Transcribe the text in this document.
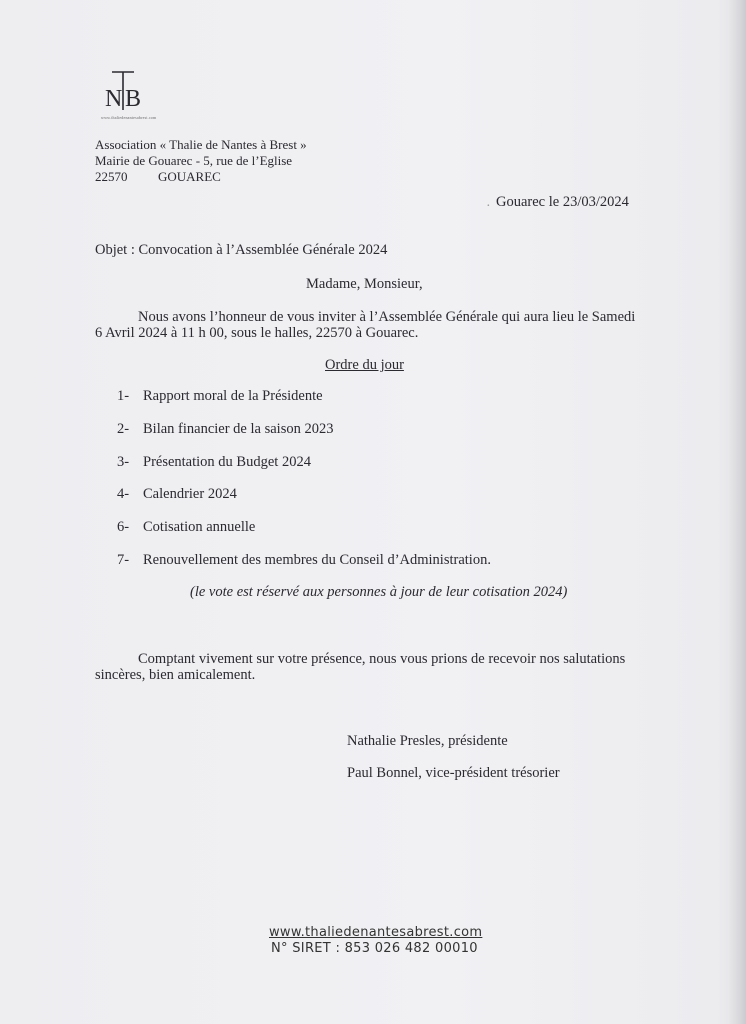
N B
www.thaliedenantesabrest.com
Association « Thalie de Nantes à Brest »
Mairie de Gouarec - 5, rue de l’Eglise
22570 GOUAREC
· Gouarec le 23/03/2024
Objet : Convocation à l’Assemblée Générale 2024
Madame, Monsieur,
Nous avons l’honneur de vous inviter à l’Assemblée Générale qui aura lieu le Samedi
6 Avril 2024 à 11 h 00, sous le halles, 22570 à Gouarec.
Ordre du jour
1- Rapport moral de la Présidente
2- Bilan financier de la saison 2023
3- Présentation du Budget 2024
4- Calendrier 2024
6- Cotisation annuelle
7- Renouvellement des membres du Conseil d’Administration.
(le vote est réservé aux personnes à jour de leur cotisation 2024)
Comptant vivement sur votre présence, nous vous prions de recevoir nos salutations
sincères, bien amicalement.
Nathalie Presles, présidente
Paul Bonnel, vice-président trésorier
www.thaliedenantesabrest.com
N° SIRET : 853 026 482 00010
